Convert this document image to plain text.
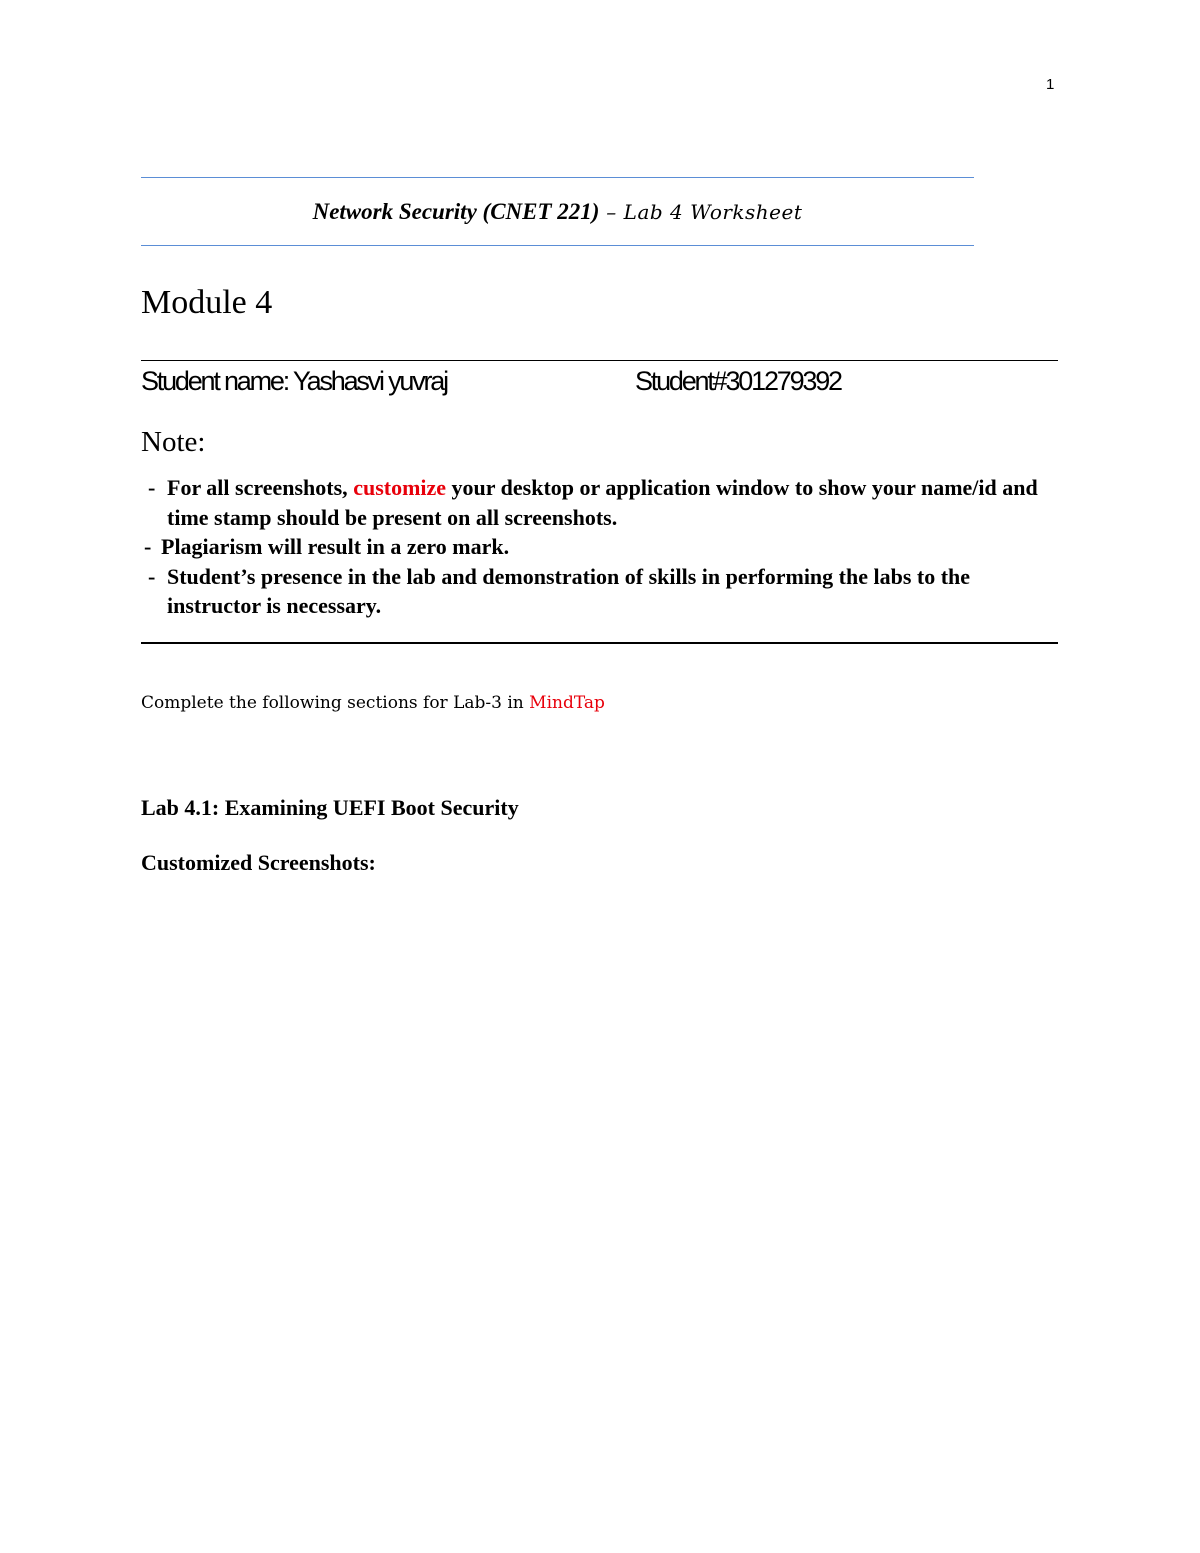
1
Network Security (CNET 221) – Lab 4 Worksheet
Module 4
Student name: Yashasvi yuvraj	Student#301279392
Note:
- For all screenshots, customize your desktop or application window to show your name/id and time stamp should be present on all screenshots.
- Plagiarism will result in a zero mark.
- Student’s presence in the lab and demonstration of skills in performing the labs to the instructor is necessary.
Complete the following sections for Lab-3 in MindTap
Lab 4.1: Examining UEFI Boot Security
Customized Screenshots:
